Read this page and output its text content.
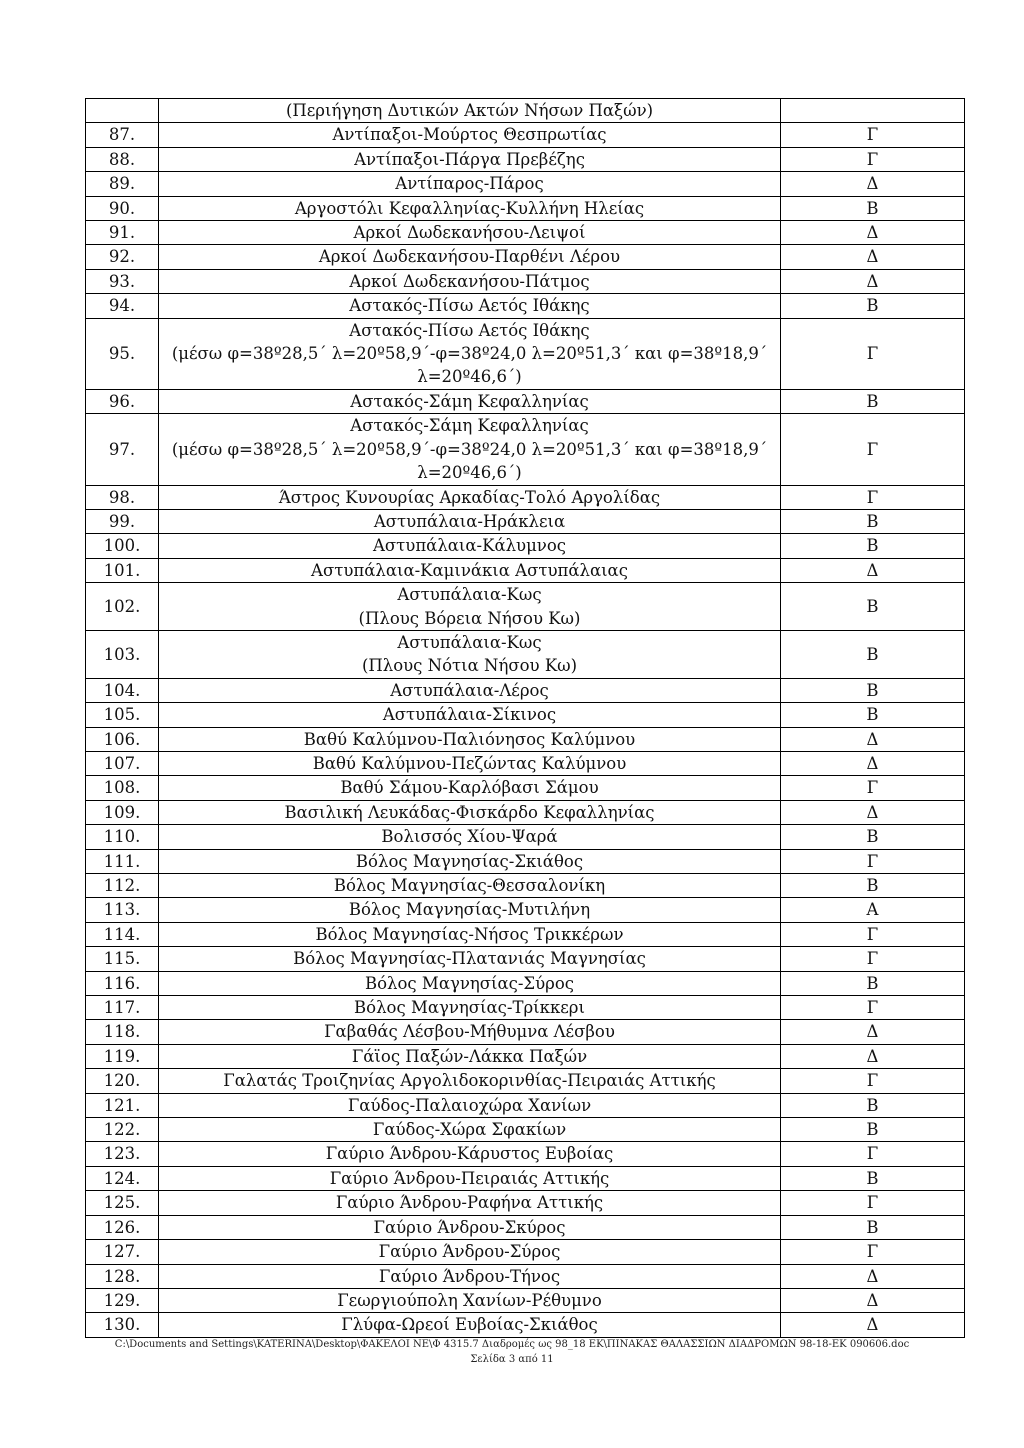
	(Περιήγηση Δυτικών Ακτών Νήσων Παξών)	
87.	Αντίπαξοι-Μούρτος Θεσπρωτίας	Γ
88.	Αντίπαξοι-Πάργα Πρεβέζης	Γ
89.	Αντίπαρος-Πάρος	Δ
90.	Αργοστόλι Κεφαλληνίας-Κυλλήνη Ηλείας	Β
91.	Αρκοί Δωδεκανήσου-Λειψοί	Δ
92.	Αρκοί Δωδεκανήσου-Παρθένι Λέρου	Δ
93.	Αρκοί Δωδεκανήσου-Πάτμος	Δ
94.	Αστακός-Πίσω Αετός Ιθάκης	Β
95.	Αστακός-Πίσω Αετός Ιθάκης
(μέσω φ=38º28,5΄ λ=20º58,9΄-φ=38º24,0 λ=20º51,3΄ και φ=38º18,9΄
λ=20º46,6΄)	Γ
96.	Αστακός-Σάμη Κεφαλληνίας	Β
97.	Αστακός-Σάμη Κεφαλληνίας
(μέσω φ=38º28,5΄ λ=20º58,9΄-φ=38º24,0 λ=20º51,3΄ και φ=38º18,9΄
λ=20º46,6΄)	Γ
98.	Άστρος Κυνουρίας Αρκαδίας-Τολό Αργολίδας	Γ
99.	Αστυπάλαια-Ηράκλεια	Β
100.	Αστυπάλαια-Κάλυμνος	Β
101.	Αστυπάλαια-Καμινάκια Αστυπάλαιας	Δ
102.	Αστυπάλαια-Κως
(Πλους Βόρεια Νήσου Κω)	Β
103.	Αστυπάλαια-Κως
(Πλους Νότια Νήσου Κω)	Β
104.	Αστυπάλαια-Λέρος	Β
105.	Αστυπάλαια-Σίκινος	Β
106.	Βαθύ Καλύμνου-Παλιόνησος Καλύμνου	Δ
107.	Βαθύ Καλύμνου-Πεζώντας Καλύμνου	Δ
108.	Βαθύ Σάμου-Καρλόβασι Σάμου	Γ
109.	Βασιλική Λευκάδας-Φισκάρδο Κεφαλληνίας	Δ
110.	Βολισσός Χίου-Ψαρά	Β
111.	Βόλος Μαγνησίας-Σκιάθος	Γ
112.	Βόλος Μαγνησίας-Θεσσαλονίκη	Β
113.	Βόλος Μαγνησίας-Μυτιλήνη	Α
114.	Βόλος Μαγνησίας-Νήσος Τρικκέρων	Γ
115.	Βόλος Μαγνησίας-Πλατανιάς Μαγνησίας	Γ
116.	Βόλος Μαγνησίας-Σύρος	Β
117.	Βόλος Μαγνησίας-Τρίκκερι	Γ
118.	Γαβαθάς Λέσβου-Μήθυμνα Λέσβου	Δ
119.	Γάϊος Παξών-Λάκκα Παξών	Δ
120.	Γαλατάς Τροιζηνίας Αργολιδοκορινθίας-Πειραιάς Αττικής	Γ
121.	Γαύδος-Παλαιοχώρα Χανίων	Β
122.	Γαύδος-Χώρα Σφακίων	Β
123.	Γαύριο Άνδρου-Κάρυστος Ευβοίας	Γ
124.	Γαύριο Άνδρου-Πειραιάς Αττικής	Β
125.	Γαύριο Άνδρου-Ραφήνα Αττικής	Γ
126.	Γαύριο Άνδρου-Σκύρος	Β
127.	Γαύριο Άνδρου-Σύρος	Γ
128.	Γαύριο Άνδρου-Τήνος	Δ
129.	Γεωργιούπολη Χανίων-Ρέθυμνο	Δ
130.	Γλύφα-Ωρεοί Ευβοίας-Σκιάθος	Δ
C:\Documents and Settings\KATERINA\Desktop\ΦΑΚΕΛΟΙ ΝΕ\Φ 4315.7 Διαδρομές ως 98_18 ΕΚ\ΠΙΝΑΚΑΣ ΘΑΛΑΣΣΙΩΝ ΔΙΑΔΡΟΜΩΝ 98-18-ΕΚ 090606.doc
Σελίδα 3 από 11
